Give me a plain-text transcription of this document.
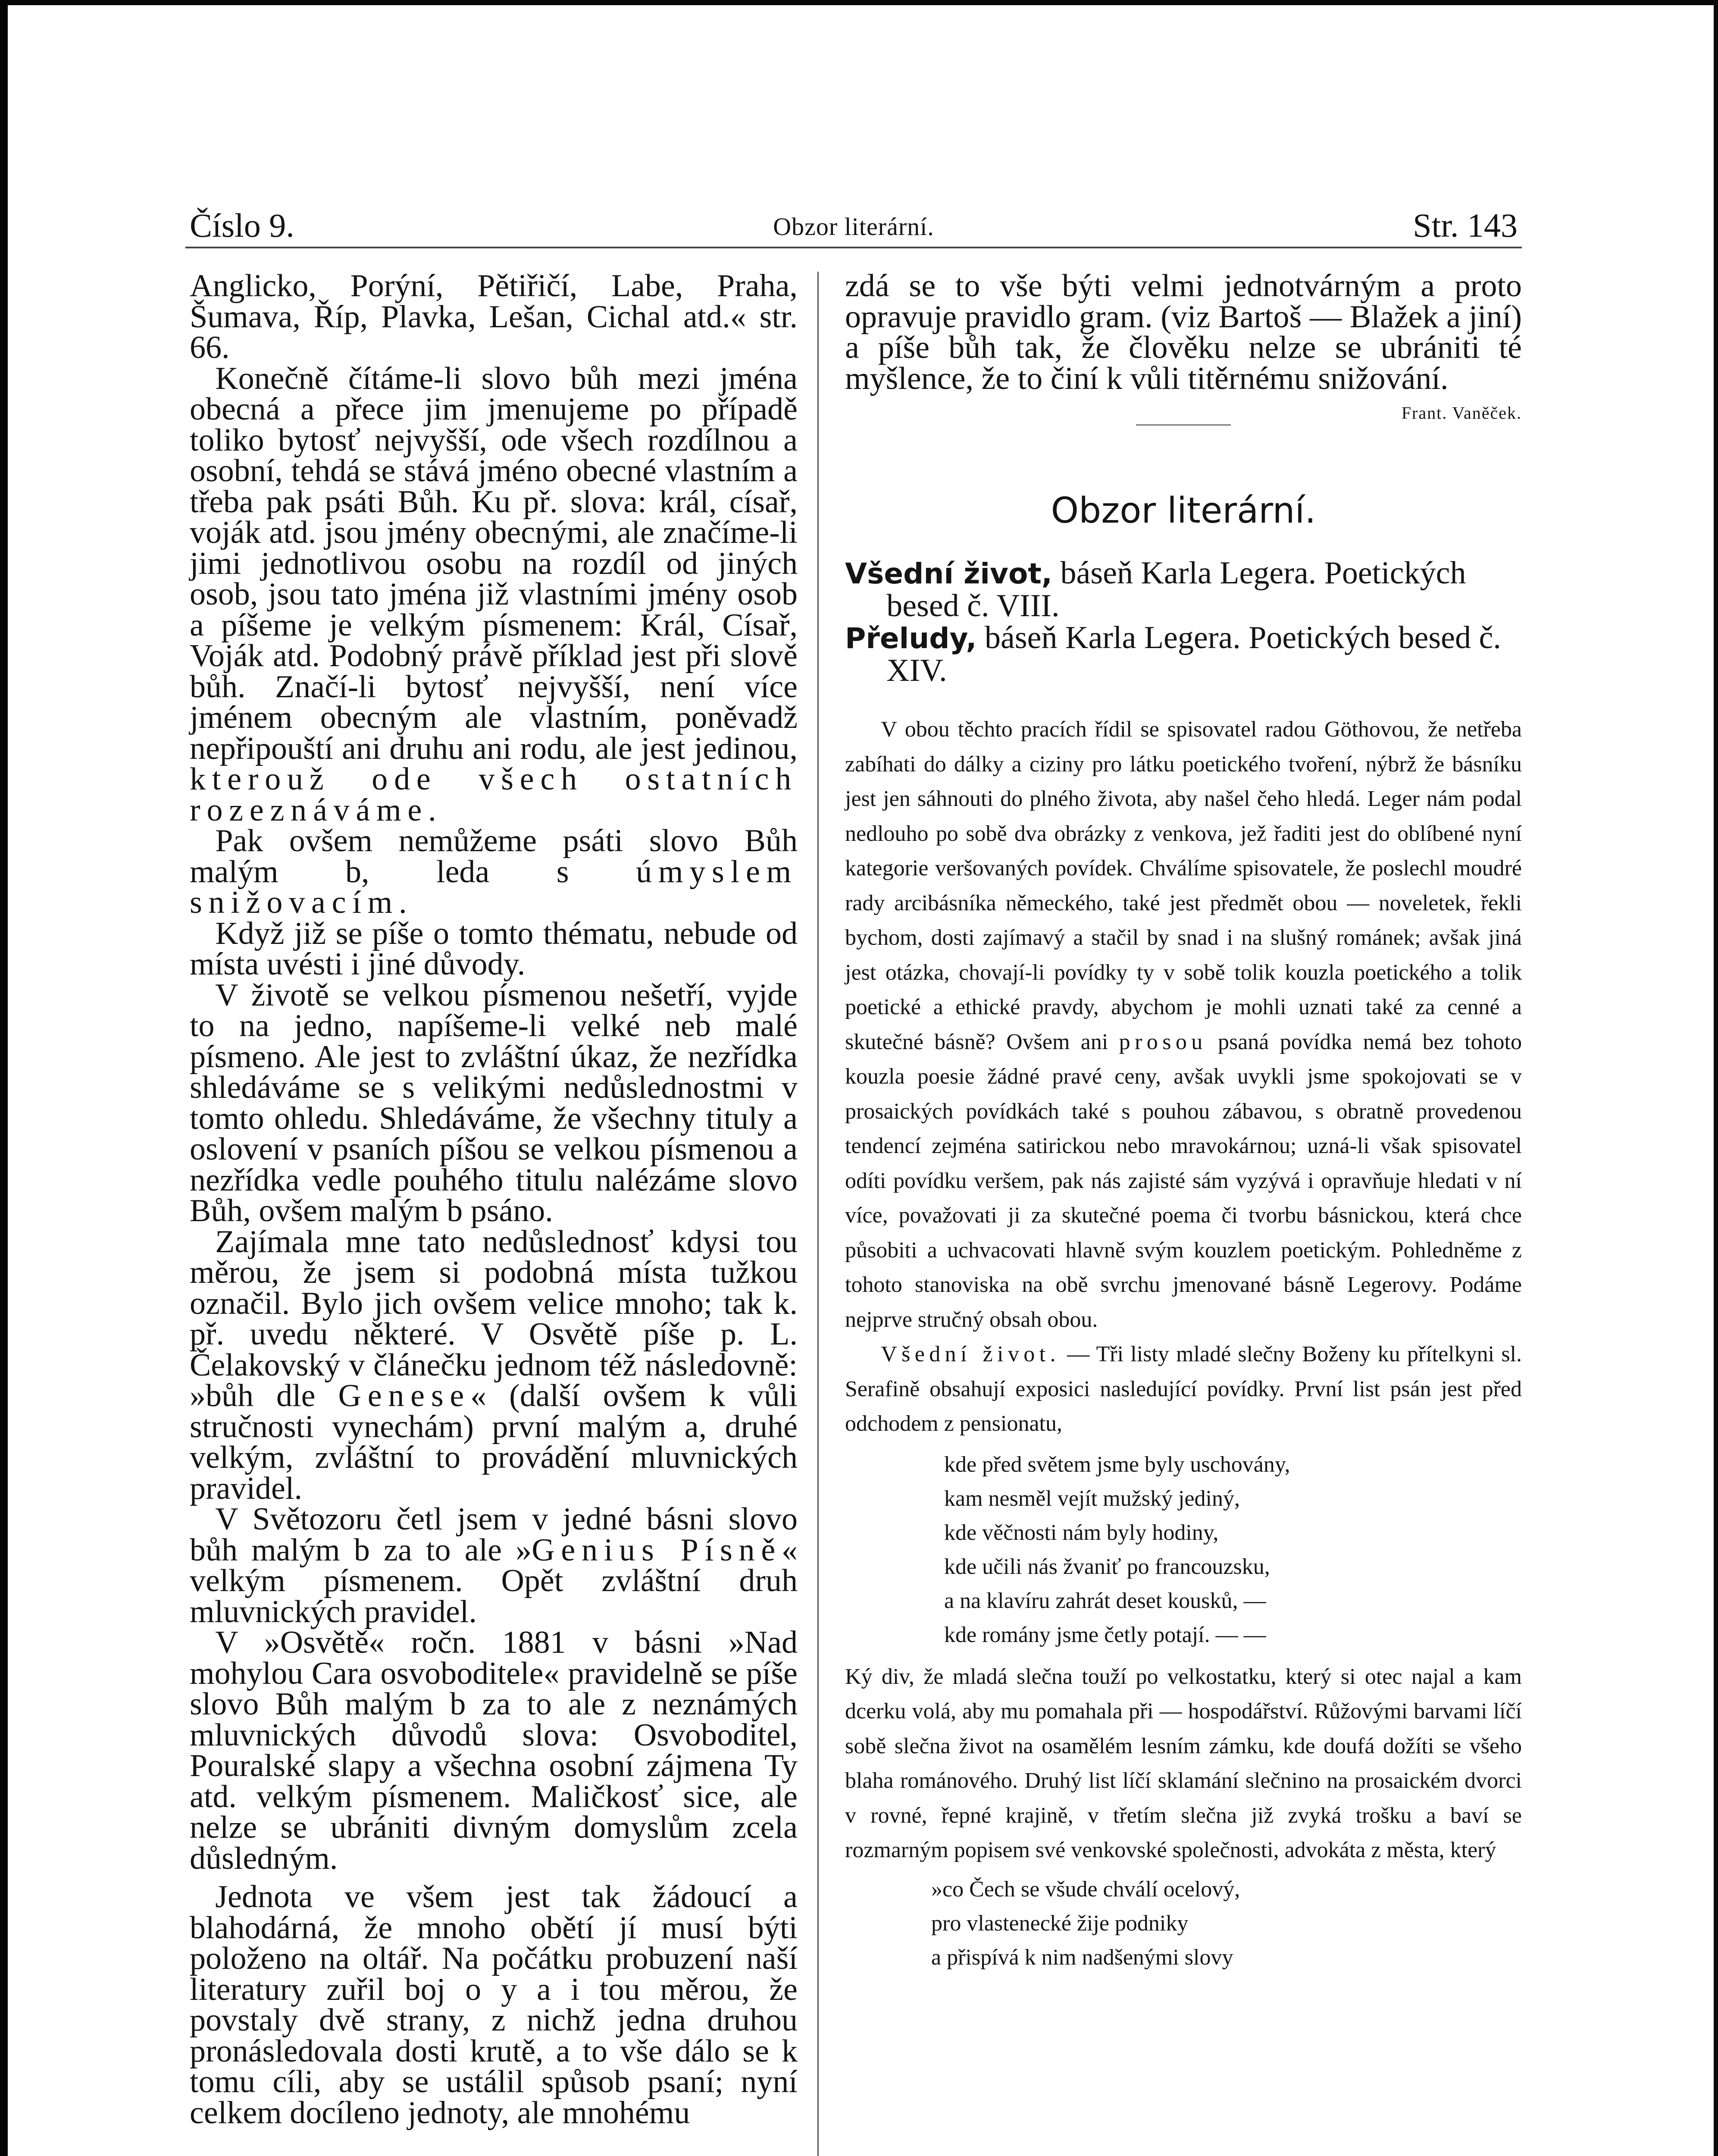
Číslo 9.	Obzor literární.	Str. 143

Anglicko, Porýní, Pětiřičí, Labe, Praha, Šumava, Říp, Plavka, Lešan, Cichal atd.« str. 66.

Konečně čítáme-li slovo bůh mezi jména obecná a přece jim jmenujeme po případě toliko bytosť nejvyšší, ode všech rozdílnou a osobní, tehdá se stává jméno obecné vlastním a třeba pak psáti Bůh. Ku př. slova: král, císař, voják atd. jsou jmény obecnými, ale značíme-li jimi jednotlivou osobu na rozdíl od jiných osob, jsou tato jména již vlastními jmény osob a píšeme je velkým písmenem: Král, Císař, Voják atd. Podobný právě příklad jest při slově bůh. Značí-li bytosť nejvyšší, není více jménem obecným ale vlastním, poněvadž nepřipouští ani druhu ani rodu, ale jest jedinou, kterouž ode všech ostatních rozeznáváme.

Pak ovšem nemůžeme psáti slovo Bůh malým b, leda s úmyslem snižovacím.

Když již se píše o tomto thématu, nebude od místa uvésti i jiné důvody.

V životě se velkou písmenou nešetří, vyjde to na jedno, napíšeme-li velké neb malé písmeno. Ale jest to zvláštní úkaz, že nezřídka shledáváme se s velikými nedůslednostmi v tomto ohledu. Shledáváme, že všechny tituly a oslovení v psaních píšou se velkou písmenou a nezřídka vedle pouhého titulu nalézáme slovo Bůh, ovšem malým b psáno.

Zajímala mne tato nedůslednosť kdysi tou měrou, že jsem si podobná místa tužkou označil. Bylo jich ovšem velice mnoho; tak k. př. uvedu některé. V Osvětě píše p. L. Čelakovský v článečku jednom též následovně: »bůh dle Genese« (další ovšem k vůli stručnosti vynechám) první malým a, druhé velkým, zvláštní to provádění mluvnických pravidel.

V Světozoru četl jsem v jedné básni slovo bůh malým b za to ale »Genius Písně« velkým písmenem. Opět zvláštní druh mluvnických pravidel.

V »Osvětě« ročn. 1881 v básni »Nad mohylou Cara osvoboditele« pravidelně se píše slovo Bůh malým b za to ale z neznámých mluvnických důvodů slova: Osvoboditel, Pouralské slapy a všechna osobní zájmena Ty atd. velkým písmenem. Maličkosť sice, ale nelze se ubrániti divným domyslům zcela důsledným.

Jednota ve všem jest tak žádoucí a blahodárná, že mnoho obětí jí musí býti položeno na oltář. Na počátku probuzení naší literatury zuřil boj o y a i tou měrou, že povstaly dvě strany, z nichž jedna druhou pronásledovala dosti krutě, a to vše dálo se k tomu cíli, aby se ustálil spůsob psaní; nyní celkem docíleno jednoty, ale mnohému

zdá se to vše býti velmi jednotvárným a proto opravuje pravidlo gram. (viz Bartoš — Blažek a jiní) a píše bůh tak, že člověku nelze se ubrániti té myšlence, že to činí k vůli titěrnému snižování.

Frant. Vaněček.
Obzor literární.

Všední život, báseň Karla Legera. Poetických besed č. VIII.

Přeludy, báseň Karla Legera. Poetických besed č. XIV.

V obou těchto pracích řídil se spisovatel radou Göthovou, že netřeba zabíhati do dálky a ciziny pro látku poetického tvoření, nýbrž že básníku jest jen sáhnouti do plného života, aby našel čeho hledá. Leger nám podal nedlouho po sobě dva obrázky z venkova, jež řaditi jest do oblíbené nyní kategorie veršovaných povídek. Chválíme spisovatele, že poslechl moudré rady arcibásníka německého, také jest předmět obou — noveletek, řekli bychom, dosti zajímavý a stačil by snad i na slušný románek; avšak jiná jest otázka, chovají-li povídky ty v sobě tolik kouzla poetického a tolik poetické a ethické pravdy, abychom je mohli uznati také za cenné a skutečné básně? Ovšem ani prosou psaná povídka nemá bez tohoto kouzla poesie žádné pravé ceny, avšak uvykli jsme spokojovati se v prosaických povídkách také s pouhou zábavou, s obratně provedenou tendencí zejména satirickou nebo mravokárnou; uzná-li však spisovatel odíti povídku veršem, pak nás zajisté sám vyzývá i opravňuje hledati v ní více, považovati ji za skutečné poema či tvorbu básnickou, která chce působiti a uchvacovati hlavně svým kouzlem poetickým. Pohledněme z tohoto stanoviska na obě svrchu jmenované básně Legerovy. Podáme nejprve stručný obsah obou.

Všední život. — Tři listy mladé slečny Boženy ku přítelkyni sl. Serafině obsahují exposici nasledující povídky. První list psán jest před odchodem z pensionatu,

kde před světem jsme byly uschovány,
kam nesměl vejít mužský jediný,
kde věčnosti nám byly hodiny,
kde učili nás žvaniť po francouzsku,
a na klavíru zahrát deset kousků, —
kde romány jsme četly potají. — —

Ký div, že mladá slečna touží po velkostatku, který si otec najal a kam dcerku volá, aby mu pomahala při — hospodářství. Růžovými barvami líčí sobě slečna život na osamělém lesním zámku, kde doufá dožíti se všeho blaha románového. Druhý list líčí sklamání slečnino na prosaickém dvorci v rovné, řepné krajině, v třetím slečna již zvyká trošku a baví se rozmarným popisem své venkovské společnosti, advokáta z města, který

»co Čech se všude chválí ocelový,
pro vlastenecké žije podniky
a přispívá k nim nadšenými slovy
